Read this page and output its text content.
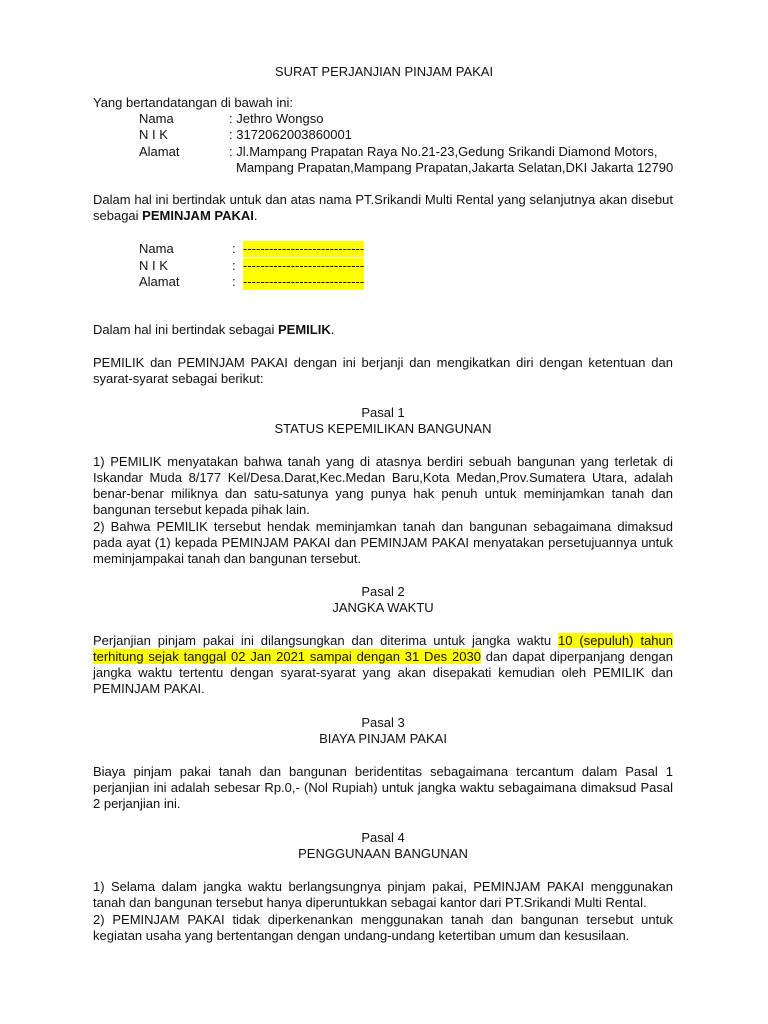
SURAT PERJANJIAN PINJAM PAKAI
Yang bertandatangan di bawah ini:
Nama	: Jethro Wongso
N I K	: 3172062003860001
Alamat	: Jl.Mampang Prapatan Raya No.21-23,Gedung Srikandi Diamond Motors,
Mampang Prapatan,Mampang Prapatan,Jakarta Selatan,DKI Jakarta 12790

Dalam hal ini bertindak untuk dan atas nama PT.Srikandi Multi Rental yang selanjutnya akan disebut sebagai PEMINJAM PAKAI.

Nama	: ----------------------------
N I K	: ----------------------------
Alamat	: ----------------------------

Dalam hal ini bertindak sebagai PEMILIK.

PEMILIK dan PEMINJAM PAKAI dengan ini berjanji dan mengikatkan diri dengan ketentuan dan syarat-syarat sebagai berikut:

Pasal 1
STATUS KEPEMILIKAN BANGUNAN

1) PEMILIK menyatakan bahwa tanah yang di atasnya berdiri sebuah bangunan yang terletak di Iskandar Muda 8/177 Kel/Desa.Darat,Kec.Medan Baru,Kota Medan,Prov.Sumatera Utara, adalah benar-benar miliknya dan satu-satunya yang punya hak penuh untuk meminjamkan tanah dan bangunan tersebut kepada pihak lain.

2) Bahwa PEMILIK tersebut hendak meminjamkan tanah dan bangunan sebagaimana dimaksud pada ayat (1) kepada PEMINJAM PAKAI dan PEMINJAM PAKAI menyatakan persetujuannya untuk meminjampakai tanah dan bangunan tersebut.

Pasal 2
JANGKA WAKTU

Perjanjian pinjam pakai ini dilangsungkan dan diterima untuk jangka waktu 10 (sepuluh) tahun terhitung sejak tanggal 02 Jan 2021 sampai dengan 31 Des 2030 dan dapat diperpanjang dengan jangka waktu tertentu dengan syarat-syarat yang akan disepakati kemudian oleh PEMILIK dan PEMINJAM PAKAI.

Pasal 3
BIAYA PINJAM PAKAI

Biaya pinjam pakai tanah dan bangunan beridentitas sebagaimana tercantum dalam Pasal 1 perjanjian ini adalah sebesar Rp.0,- (Nol Rupiah) untuk jangka waktu sebagaimana dimaksud Pasal 2 perjanjian ini.

Pasal 4
PENGGUNAAN BANGUNAN

1) Selama dalam jangka waktu berlangsungnya pinjam pakai, PEMINJAM PAKAI menggunakan tanah dan bangunan tersebut hanya diperuntukkan sebagai kantor dari PT.Srikandi Multi Rental.

2) PEMINJAM PAKAI tidak diperkenankan menggunakan tanah dan bangunan tersebut untuk kegiatan usaha yang bertentangan dengan undang-undang ketertiban umum dan kesusilaan.
